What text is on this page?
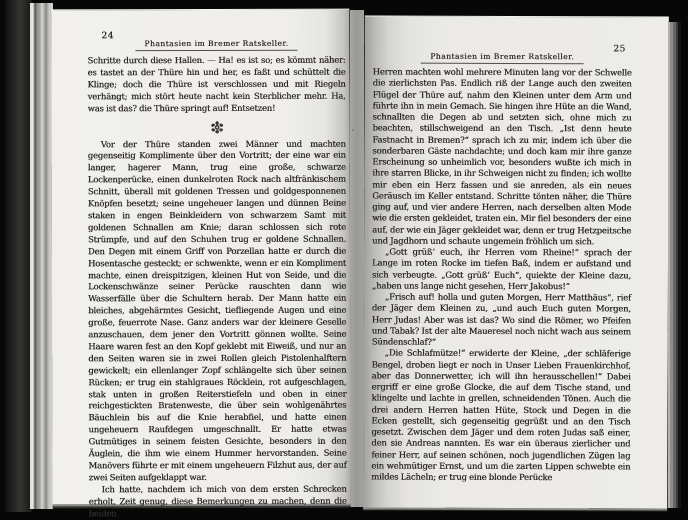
24
Phantasien im Bremer Ratskeller.

Schritte durch diese Hallen. — Ha! es ist so; es kömmt näher: es tastet an der Thüre hin und her, es faßt und schüttelt die Klinge; doch die Thüre ist verschlossen und mit Riegeln verhängt; mich stört heute nacht kein Sterblicher mehr. Ha, was ist das? die Thüre springt auf! Entsetzen!

Vor der Thüre standen zwei Männer und machten gegenseitig Komplimente über den Vortritt; der eine war ein langer, hagerer Mann, trug eine große, schwarze Lockenperücke, einen dunkelroten Rock nach altfränkischem Schnitt, überall mit goldenen Tressen und goldgesponnenen Knöpfen besetzt; seine ungeheuer langen und dünnen Beine staken in engen Beinkleidern von schwarzem Samt mit goldenen Schnallen am Knie; daran schlossen sich rote Strümpfe, und auf den Schuhen trug er goldene Schnallen. Den Degen mit einem Griff von Porzellan hatte er durch die Hosentasche gesteckt; er schwenkte, wenn er ein Kompliment machte, einen dreispitzigen, kleinen Hut von Seide, und die Lockenschwänze seiner Perücke rauschten dann wie Wasserfälle über die Schultern herab. Der Mann hatte ein bleiches, abgehärmtes Gesicht, tiefliegende Augen und eine große, feuerrote Nase. Ganz anders war der kleinere Geselle anzuschauen, dem jener den Vortritt gönnen wollte. Seine Haare waren fest an den Kopf geklebt mit Eiweiß, und nur an den Seiten waren sie in zwei Rollen gleich Pistolenhalftern gewickelt; ein ellenlanger Zopf schlängelte sich über seinen Rücken; er trug ein stahlgraues Röcklein, rot aufgeschlagen, stak unten in großen Reiterstiefeln und oben in einer reichgestickten Bratenweste, die über sein wohlgenährtes Bäuchlein bis auf die Knie herabfiel, und hatte einen ungeheuern Raufdegen umgeschnallt. Er hatte etwas Gutmütiges in seinem feisten Gesichte, besonders in den Äuglein, die ihm wie einem Hummer hervorstanden. Seine Manövers führte er mit einem ungeheuern Filzhut aus, der auf zwei Seiten aufgeklappt war.

Ich hatte, nachdem ich mich von dem ersten Schrecken erholt, Zeit genug, diese Bemerkungen zu machen, denn die beiden

25
Phantasien im Bremer Ratskeller.

Herren machten wohl mehrere Minuten lang vor der Schwelle die zierlichsten Pas. Endlich riß der Lange auch den zweiten Flügel der Thüre auf, nahm den Kleinen unter dem Arm und führte ihn in mein Gemach. Sie hingen ihre Hüte an die Wand, schnallten die Degen ab und setzten sich, ohne mich zu beachten, stillschweigend an den Tisch. „Ist denn heute Fastnacht in Bremen?“ sprach ich zu mir, indem ich über die sonderbaren Gäste nachdachte; und doch kam mir ihre ganze Erscheinung so unheimlich vor, besonders wußte ich mich in ihre starren Blicke, in ihr Schweigen nicht zu finden; ich wollte mir eben ein Herz fassen und sie anreden, als ein neues Geräusch im Keller entstand. Schritte tönten näher, die Thüre ging auf, und vier andere Herren, nach derselben alten Mode wie die ersten gekleidet, traten ein. Mir fiel besonders der eine auf, der wie ein Jäger gekleidet war, denn er trug Hetzpeitsche und Jagdhorn und schaute ungemein fröhlich um sich.

„Gott grüß’ euch, ihr Herren vom Rheine!“ sprach der Lange im roten Rocke im tiefen Baß, indem er aufstand und sich verbeugte. „Gott grüß’ Euch“, quiekte der Kleine dazu, „haben uns lange nicht gesehen, Herr Jakobus!“

„Frisch auf! holla und guten Morgen, Herr Matthäus“, rief der Jäger dem Kleinen zu, „und auch Euch guten Morgen, Herr Judas! Aber was ist das? Wo sind die Römer, wo Pfeifen und Tabak? Ist der alte Maueresel noch nicht wach aus seinem Sündenschlaf?“

„Die Schlafmütze!“ erwiderte der Kleine, „der schläferige Bengel, droben liegt er noch in Unser Lieben Frauenkirchhof, aber das Donnerwetter, ich will ihn herausschellen!“ Dabei ergriff er eine große Glocke, die auf dem Tische stand, und klingelte und lachte in grellen, schneidenden Tönen. Auch die drei andern Herren hatten Hüte, Stock und Degen in die Ecken gestellt, sich gegenseitig gegrüßt und an den Tisch gesetzt. Zwischen dem Jäger und dem roten Judas saß einer, den sie Andreas nannten. Es war ein überaus zierlicher und feiner Herr, auf seinen schönen, noch jugendlichen Zügen lag ein wehmütiger Ernst, und um die zarten Lippen schwebte ein mildes Lächeln; er trug eine blonde Perücke
